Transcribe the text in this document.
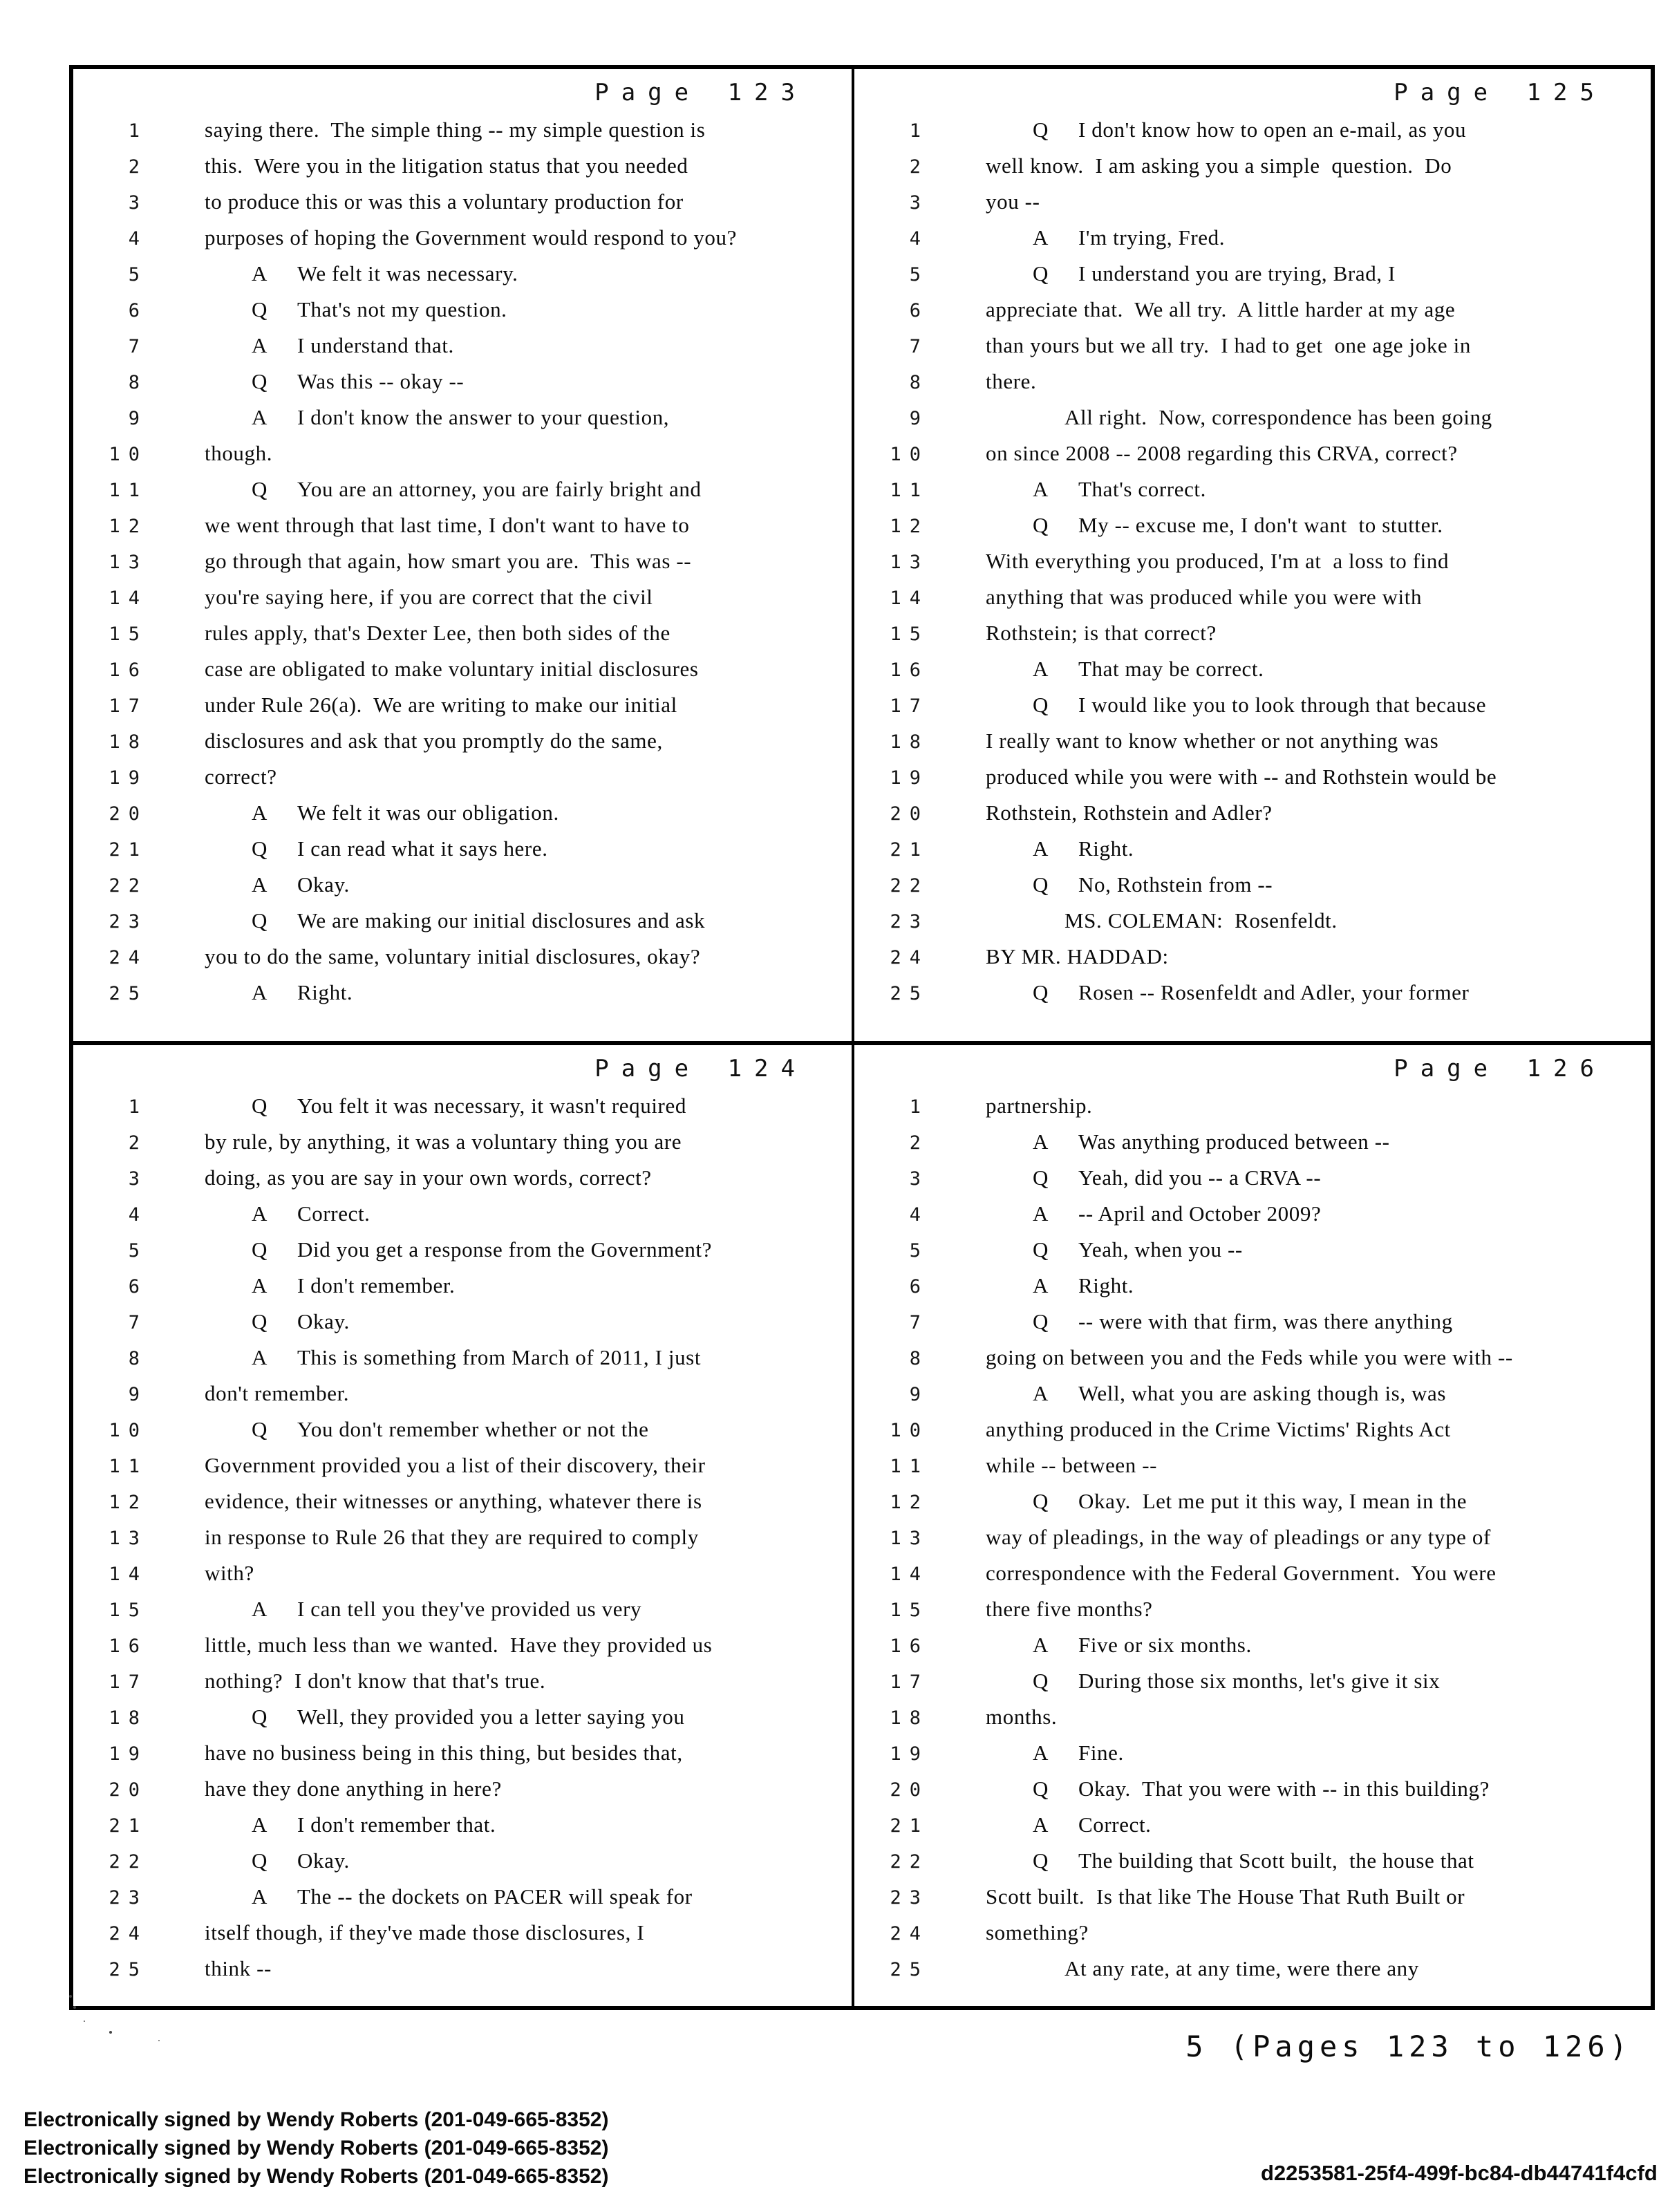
Page 123
1	saying there.  The simple thing -- my simple question is
2	this.  Were you in the litigation status that you needed
3	to produce this or was this a voluntary production for
4	purposes of hoping the Government would respond to you?
5	A We felt it was necessary.
6	Q That's not my question.
7	A I understand that.
8	Q Was this -- okay --
9	A I don't know the answer to your question,
10	though.
11	Q You are an attorney, you are fairly bright and
12	we went through that last time, I don't want to have to
13	go through that again, how smart you are.  This was --
14	you're saying here, if you are correct that the civil
15	rules apply, that's Dexter Lee, then both sides of the
16	case are obligated to make voluntary initial disclosures
17	under Rule 26(a).  We are writing to make our initial
18	disclosures and ask that you promptly do the same,
19	correct?
20	A We felt it was our obligation.
21	Q I can read what it says here.
22	A Okay.
23	Q We are making our initial disclosures and ask
24	you to do the same, voluntary initial disclosures, okay?
25	A Right.
Page 125
1	Q I don't know how to open an e-mail, as you
2	well know.  I am asking you a simple  question.  Do
3	you --
4	A I'm trying, Fred.
5	Q I understand you are trying, Brad, I
6	appreciate that.  We all try.  A little harder at my age
7	than yours but we all try.  I had to get  one age joke in
8	there.
9	All right.  Now, correspondence has been going
10	on since 2008 -- 2008 regarding this CRVA, correct?
11	A That's correct.
12	Q My -- excuse me, I don't want  to stutter.
13	With everything you produced, I'm at  a loss to find
14	anything that was produced while you were with
15	Rothstein; is that correct?
16	A That may be correct.
17	Q I would like you to look through that because
18	I really want to know whether or not anything was
19	produced while you were with -- and Rothstein would be
20	Rothstein, Rothstein and Adler?
21	A Right.
22	Q No, Rothstein from --
23	MS. COLEMAN:  Rosenfeldt.
24	BY MR. HADDAD:
25	Q Rosen -- Rosenfeldt and Adler, your former
Page 124
1	Q You felt it was necessary, it wasn't required
2	by rule, by anything, it was a voluntary thing you are
3	doing, as you are say in your own words, correct?
4	A Correct.
5	Q Did you get a response from the Government?
6	A I don't remember.
7	Q Okay.
8	A This is something from March of 2011, I just
9	don't remember.
10	Q You don't remember whether or not the
11	Government provided you a list of their discovery, their
12	evidence, their witnesses or anything, whatever there is
13	in response to Rule 26 that they are required to comply
14	with?
15	A I can tell you they've provided us very
16	little, much less than we wanted.  Have they provided us
17	nothing?  I don't know that that's true.
18	Q Well, they provided you a letter saying you
19	have no business being in this thing, but besides that,
20	have they done anything in here?
21	A I don't remember that.
22	Q Okay.
23	A The -- the dockets on PACER will speak for
24	itself though, if they've made those disclosures, I
25	think --
Page 126
1	partnership.
2	A Was anything produced between --
3	Q Yeah, did you -- a CRVA --
4	A -- April and October 2009?
5	Q Yeah, when you --
6	A Right.
7	Q -- were with that firm, was there anything
8	going on between you and the Feds while you were with --
9	A Well, what you are asking though is, was
10	anything produced in the Crime Victims' Rights Act
11	while -- between --
12	Q Okay.  Let me put it this way, I mean in the
13	way of pleadings, in the way of pleadings or any type of
14	correspondence with the Federal Government.  You were
15	there five months?
16	A Five or six months.
17	Q During those six months, let's give it six
18	months.
19	A Fine.
20	Q Okay.  That you were with -- in this building?
21	A Correct.
22	Q The building that Scott built,  the house that
23	Scott built.  Is that like The House That Ruth Built or
24	something?
25	At any rate, at any time, were there any
5 (Pages 123 to 126)
Electronically signed by Wendy Roberts (201-049-665-8352)
Electronically signed by Wendy Roberts (201-049-665-8352)
Electronically signed by Wendy Roberts (201-049-665-8352)	d2253581-25f4-499f-bc84-db44741f4cfd
